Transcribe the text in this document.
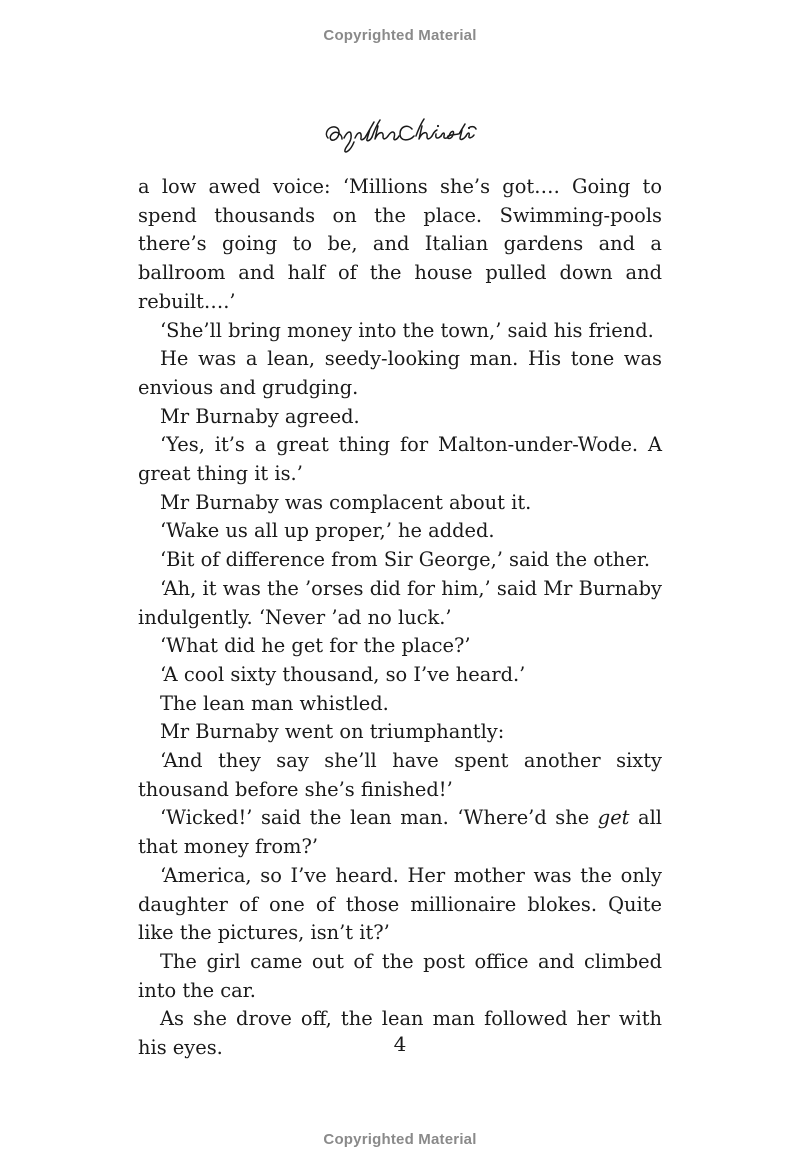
Copyrighted Material

a low awed voice: ‘Millions she’s got…. Going to spend thousands on the place. Swimming-pools there’s going to be, and Italian gardens and a ballroom and half of the house pulled down and rebuilt….’

‘She’ll bring money into the town,’ said his friend.

He was a lean, seedy-looking man. His tone was envious and grudging.

Mr Burnaby agreed.

‘Yes, it’s a great thing for Malton-under-Wode. A great thing it is.’

Mr Burnaby was complacent about it.

‘Wake us all up proper,’ he added.

‘Bit of difference from Sir George,’ said the other.

‘Ah, it was the ’orses did for him,’ said Mr Burnaby indulgently. ‘Never ’ad no luck.’

‘What did he get for the place?’

‘A cool sixty thousand, so I’ve heard.’

The lean man whistled.

Mr Burnaby went on triumphantly:

‘And they say she’ll have spent another sixty thousand before she’s finished!’

‘Wicked!’ said the lean man. ‘Where’d she get all that money from?’

‘America, so I’ve heard. Her mother was the only daughter of one of those millionaire blokes. Quite like the pictures, isn’t it?’

The girl came out of the post office and climbed into the car.

As she drove off, the lean man followed her with his eyes.	4
Copyrighted Material
